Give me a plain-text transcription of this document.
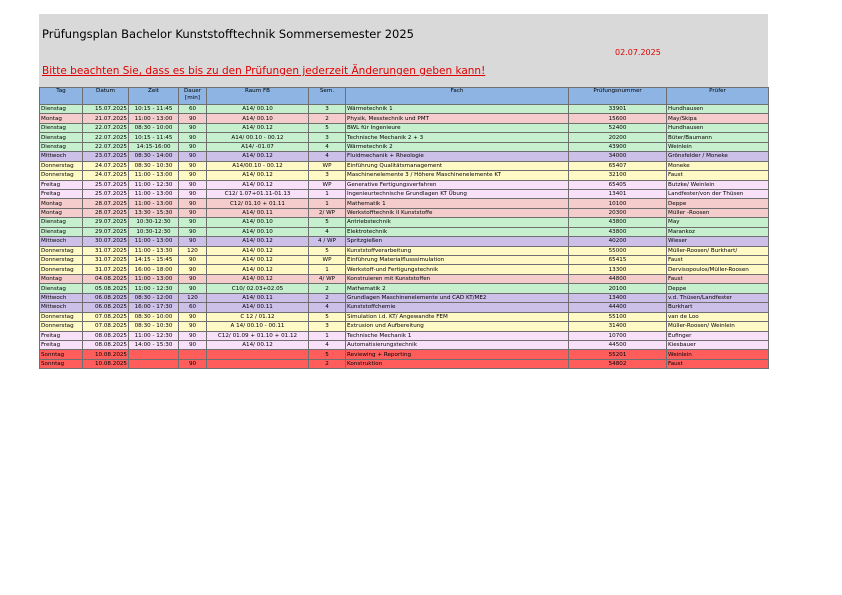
Prüfungsplan Bachelor Kunststofftechnik Sommersemester 2025
02.07.2025
Bitte beachten Sie, dass es bis zu den Prüfungen jederzeit Änderungen geben kann!
Tag	Datum	Zeit	Dauer [min]	Raum FB	Sem.	Fach	Prüfungsnummer	Prüfer
Dienstag	15.07.2025	10:15 - 11:45	60	A14/ 00.10	3	Wärmetechnik 1	33901	Hundhausen
Montag	21.07.2025	11:00 - 13:00	90	A14/ 00.10	2	Physik, Messtechnik und PMT	15600	May/Skipa
Dienstag	22.07.2025	08:30 - 10:00	90	A14/ 00.12	5	BWL für Ingenieure	52400	Hundhausen
Dienstag	22.07.2025	10:15 - 11:45	90	A14/ 00.10 - 00.12	3	Technische Mechanik 2 + 3	20200	Büter/Baumann
Dienstag	22.07.2025	14:15-16:00	90	A14/ -01.07	4	Wärmetechnik 2	43900	Weinlein
Mittwoch	23.07.2025	08:30 - 14:00	90	A14/ 00.12	4	Fluidmechanik + Rheologie	34000	Grönsfelder / Moneke
Donnerstag	24.07.2025	08:30 - 10:30	90	A14/00.10 - 00.12	WP	Einführung Qualitätsmanagement	65407	Moneke
Donnerstag	24.07.2025	11:00 - 13:00	90	A14/ 00.12	3	Maschinenelemente 3 / Höhere Maschinenelemente KT	32100	Faust
Freitag	25.07.2025	11:00 - 12:30	90	A14/ 00.12	WP	Generative Fertigungsverfahren	65405	Butzke/ Weinlein
Freitag	25.07.2025	11:00 - 13:00	90	C12/ 1.07+01.11-01.13	1	Ingenieurtechnische Grundlagen KT Übung	13401	Landfester/von der Thüsen
Montag	28.07.2025	11:00 - 13:00	90	C12/ 01.10 + 01.11	1	Mathematik 1	10100	Deppe
Montag	28.07.2025	13:30 - 15:30	90	A14/ 00.11	2/ WP	Werkstofftechnik II Kunststoffe	20300	Müller -Roosen
Dienstag	29.07.2025	10:30-12:30	90	A14/ 00.10	5	Antriebstechnik	43800	May
Dienstag	29.07.2025	10:30-12:30	90	A14/ 00.10	4	Elektrotechnik	43800	Marankoz
Mittwoch	30.07.2025	11:00 - 13:00	90	A14/ 00.12	4 / WP	Spritzgießen	40200	Wieser
Donnerstag	31.07.2025	11:00 - 13:30	120	A14/ 00.12	5	Kunststoffverarbeitung	55000	Müller-Roosen/ Burkhart/
Donnerstag	31.07.2025	14:15 - 15:45	90	A14/ 00.12	WP	Einführung Materialflusssimulation	65415	Faust
Donnerstag	31.07.2025	16:00 - 18:00	90	A14/ 00.12	1	Werkstoff-und Fertigungstechnik	13300	Dervisopoulos/Müller-Roosen
Montag	04.08.2025	11:00 - 13:00	90	A14/ 00.12	4/ WP	Konstruieren mit Kunststoffen	44800	Faust
Dienstag	05.08.2025	11:00 - 12:30	90	C10/ 02.03+02.05	2	Mathematik 2	20100	Deppe
Mittwoch	06.08.2025	08:30 - 12:00	120	A14/ 00.11	2	Grundlagen Maschinenelemente und CAD KT/ME2	13400	v.d. Thüsen/Landfester
Mittwoch	06.08.2025	16:00 - 17:30	60	A14/ 00.11	4	Kunststoffchemie	44400	Burkhart
Donnerstag	07.08.2025	08:30 - 10:00	90	C 12 / 01.12	5	Simulation i.d. KT/ Angewandte FEM	55100	van de Loo
Donnerstag	07.08.2025	08:30 - 10:30	90	A 14/ 00.10 - 00.11	3	Extrusion und Aufbereitung	31400	Müller-Roosen/ Weinlein
Freitag	08.08.2025	11:00 - 12:30	90	C12/ 01.09 + 01.10 + 01.12	1	Technische Mechanik 1	10700	Eufinger
Freitag	08.08.2025	14:00 - 15:30	90	A14/ 00.12	4	Automatisierungstechnik	44500	Kiesbauer
Sonntag	10.08.2025				5	Reviewing + Reporting	55201	Weinlein
Sonntag	10.08.2025		90		2	Konstruktion	54802	Faust
